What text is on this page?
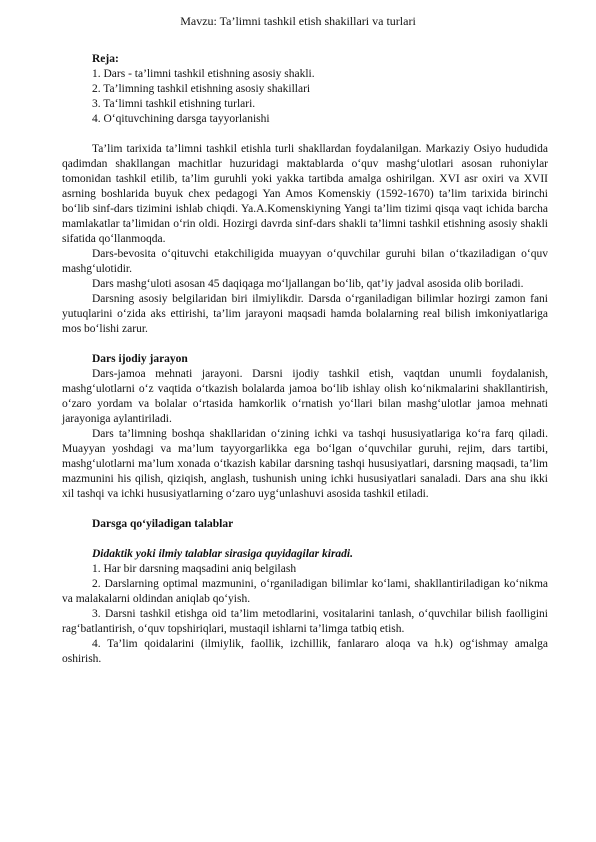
Mavzu: Ta’limni tashkil etish shakillari va turlari
Reja:
1. Dars - ta’limni tashkil etishning asosiy shakli.
2. Ta’limning tashkil etishning asosiy shakillari
3. Ta‘limni tashkil etishning turlari.
4. O‘qituvchining darsga tayyorlanishi

Ta’lim tarixida ta’limni tashkil etishla turli shakllardan foydalanilgan. Markaziy Osiyo hududida qadimdan shakllangan machitlar huzuridagi maktablarda o‘quv mashg‘ulotlari asosan ruhoniylar tomonidan tashkil etilib, ta’lim guruhli yoki yakka tartibda amalga oshirilgan. XVI asr oxiri va XVII asrning boshlarida buyuk chex pedagogi Yan Amos Komenskiy (1592-1670) ta’lim tarixida birinchi bo‘lib sinf-dars tizimini ishlab chiqdi. Ya.A.Komenskiyning Yangi ta’lim tizimi qisqa vaqt ichida barcha mamlakatlar ta’limidan o‘rin oldi. Hozirgi davrda sinf-dars shakli ta’limni tashkil etishning asosiy shakli sifatida qo‘llanmoqda.

Dars-bevosita o‘qituvchi etakchiligida muayyan o‘quvchilar guruhi bilan o‘tkaziladigan o‘quv mashg‘ulotidir.

Dars mashg‘uloti asosan 45 daqiqaga mo‘ljallangan bo‘lib, qat’iy jadval asosida olib boriladi.

Darsning asosiy belgilaridan biri ilmiylikdir. Darsda o‘rganiladigan bilimlar hozirgi zamon fani yutuqlarini o‘zida aks ettirishi, ta’lim jarayoni maqsadi hamda bolalarning real bilish imkoniyatlariga mos bo‘lishi zarur.

Dars ijodiy jarayon

Dars-jamoa mehnati jarayoni. Darsni ijodiy tashkil etish, vaqtdan unumli foydalanish, mashg‘ulotlarni o‘z vaqtida o‘tkazish bolalarda jamoa bo‘lib ishlay olish ko‘nikmalarini shakllantirish, o‘zaro yordam va bolalar o‘rtasida hamkorlik o‘rnatish yo‘llari bilan mashg‘ulotlar jamoa mehnati jarayoniga aylantiriladi.

Dars ta’limning boshqa shakllaridan o‘zining ichki va tashqi hususiyatlariga ko‘ra farq qiladi. Muayyan yoshdagi va ma’lum tayyorgarlikka ega bo‘lgan o‘quvchilar guruhi, rejim, dars tartibi, mashg‘ulotlarni ma’lum xonada o‘tkazish kabilar darsning tashqi hususiyatlari, darsning maqsadi, ta’lim mazmunini his qilish, qiziqish, anglash, tushunish uning ichki hususiyatlari sanaladi. Dars ana shu ikki xil tashqi va ichki hususiyatlarning o‘zaro uyg‘unlashuvi asosida tashkil etiladi.

Darsga qo‘yiladigan talablar
Didaktik yoki ilmiy talablar sirasiga quyidagilar kiradi.

1. Har bir darsning maqsadini aniq belgilash

2. Darslarning optimal mazmunini, o‘rganiladigan bilimlar ko‘lami, shakllantiriladigan ko‘nikma va malakalarni oldindan aniqlab qo‘yish.

3. Darsni tashkil etishga oid ta’lim metodlarini, vositalarini tanlash, o‘quvchilar bilish faolligini rag‘batlantirish, o‘quv topshiriqlari, mustaqil ishlarni ta’limga tatbiq etish.

4. Ta’lim qoidalarini (ilmiylik, faollik, izchillik, fanlararo aloqa va h.k) og‘ishmay amalga oshirish.
